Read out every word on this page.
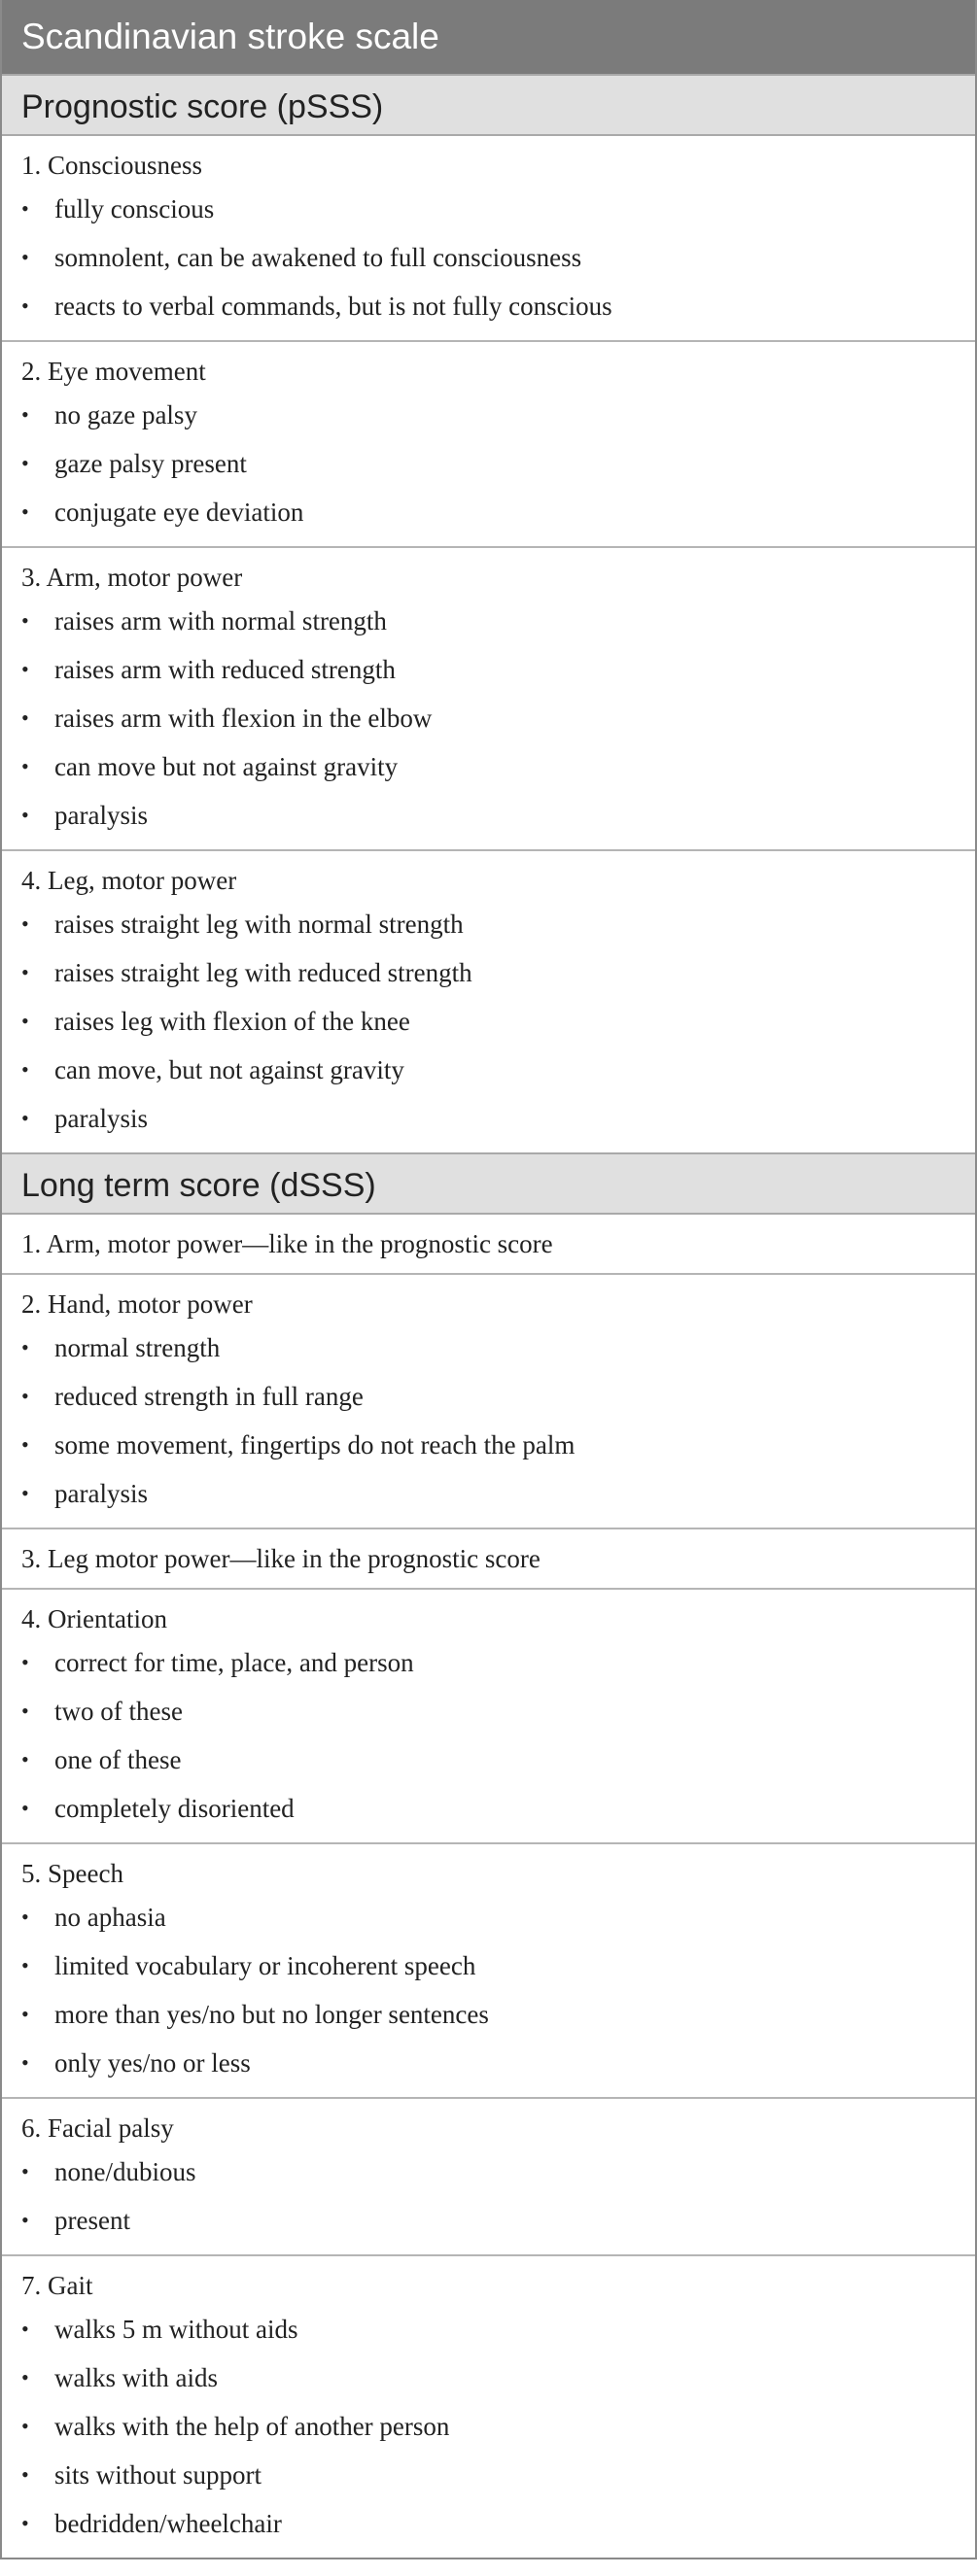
Scandinavian stroke scale
Prognostic score (pSSS)
1. Consciousness
• fully conscious
• somnolent, can be awakened to full consciousness
• reacts to verbal commands, but is not fully conscious
2. Eye movement
• no gaze palsy
• gaze palsy present
• conjugate eye deviation
3. Arm, motor power
• raises arm with normal strength
• raises arm with reduced strength
• raises arm with flexion in the elbow
• can move but not against gravity
• paralysis
4. Leg, motor power
• raises straight leg with normal strength
• raises straight leg with reduced strength
• raises leg with flexion of the knee
• can move, but not against gravity
• paralysis
Long term score (dSSS)
1. Arm, motor power—like in the prognostic score
2. Hand, motor power
• normal strength
• reduced strength in full range
• some movement, fingertips do not reach the palm
• paralysis
3. Leg motor power—like in the prognostic score
4. Orientation
• correct for time, place, and person
• two of these
• one of these
• completely disoriented
5. Speech
• no aphasia
• limited vocabulary or incoherent speech
• more than yes/no but no longer sentences
• only yes/no or less
6. Facial palsy
• none/dubious
• present
7. Gait
• walks 5 m without aids
• walks with aids
• walks with the help of another person
• sits without support
• bedridden/wheelchair
